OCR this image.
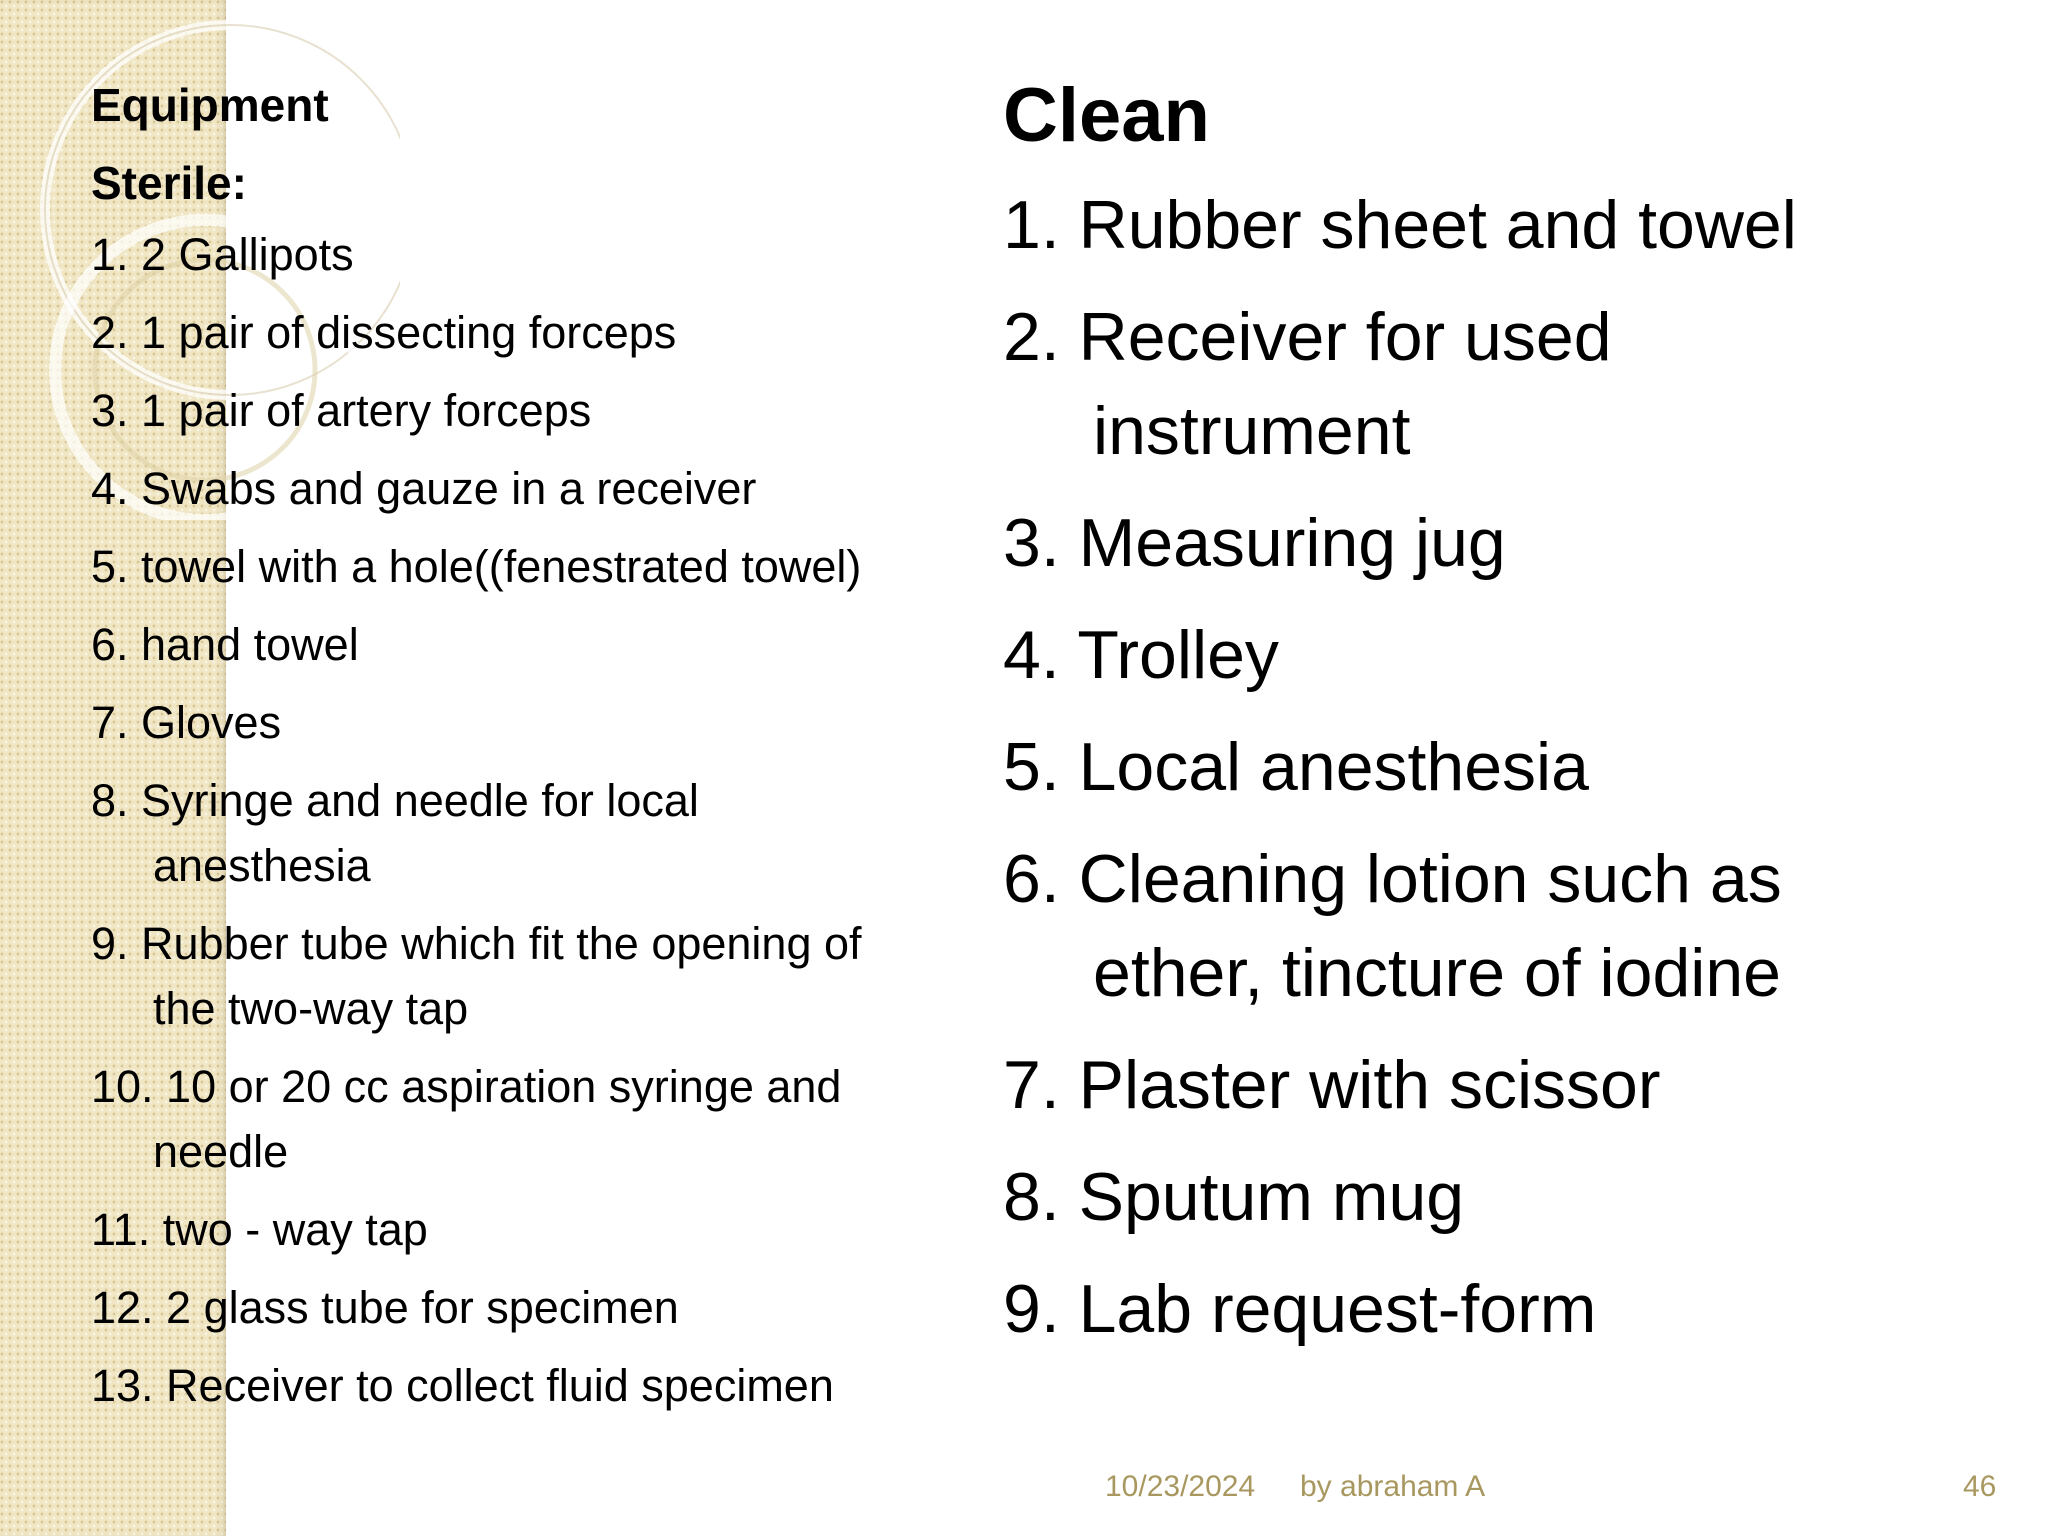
Equipment
Sterile:
1. 2 Gallipots
2. 1 pair of dissecting forceps
3. 1 pair of artery forceps
4. Swabs and gauze in a receiver
5. towel with a hole((fenestrated towel)
6. hand towel
7. Gloves
8. Syringe and needle for local
anesthesia
9. Rubber tube which fit the opening of
the two-way tap
10. 10 or 20 cc aspiration syringe and
needle
11. two - way tap
12. 2 glass tube for specimen
13. Receiver to collect fluid specimen
Clean
1. Rubber sheet and towel
2. Receiver for used
instrument
3. Measuring jug
4. Trolley
5. Local anesthesia
6. Cleaning lotion such as
ether, tincture of iodine
7. Plaster with scissor
8. Sputum mug
9. Lab request-form
10/23/2024 by abraham A	46
